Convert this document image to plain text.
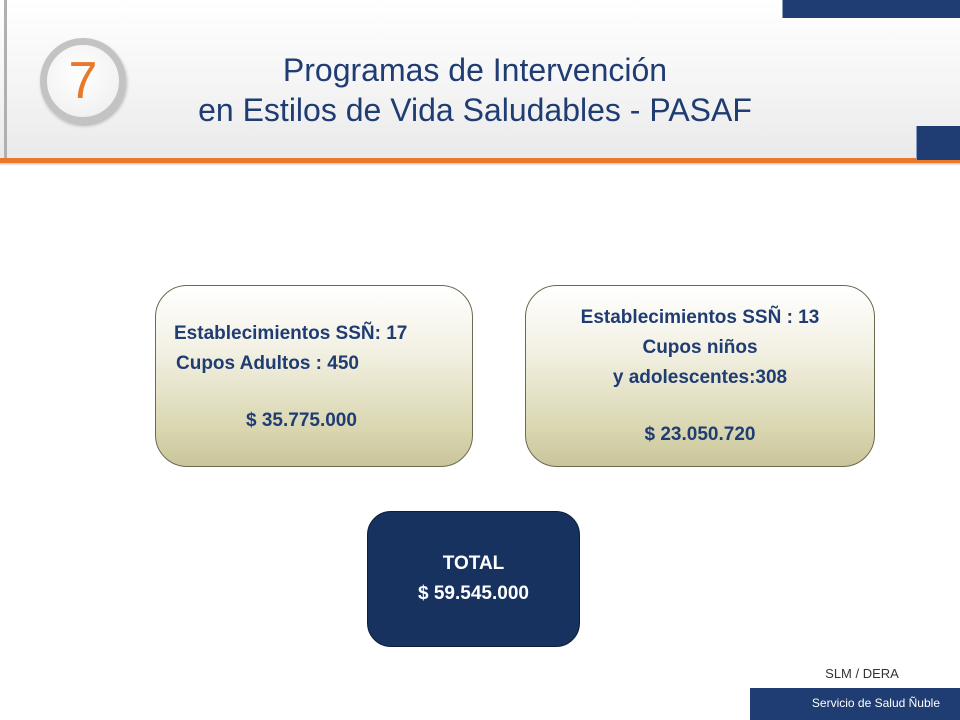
7	Programas de Intervención
en Estilos de Vida Saludables - PASAF
Establecimientos SSÑ: 17
Cupos Adultos : 450
$ 35.775.000
Establecimientos SSÑ : 13
Cupos niños
y adolescentes:308
$ 23.050.720
TOTAL
$ 59.545.000
SLM / DERA
Servicio de Salud Ñuble
